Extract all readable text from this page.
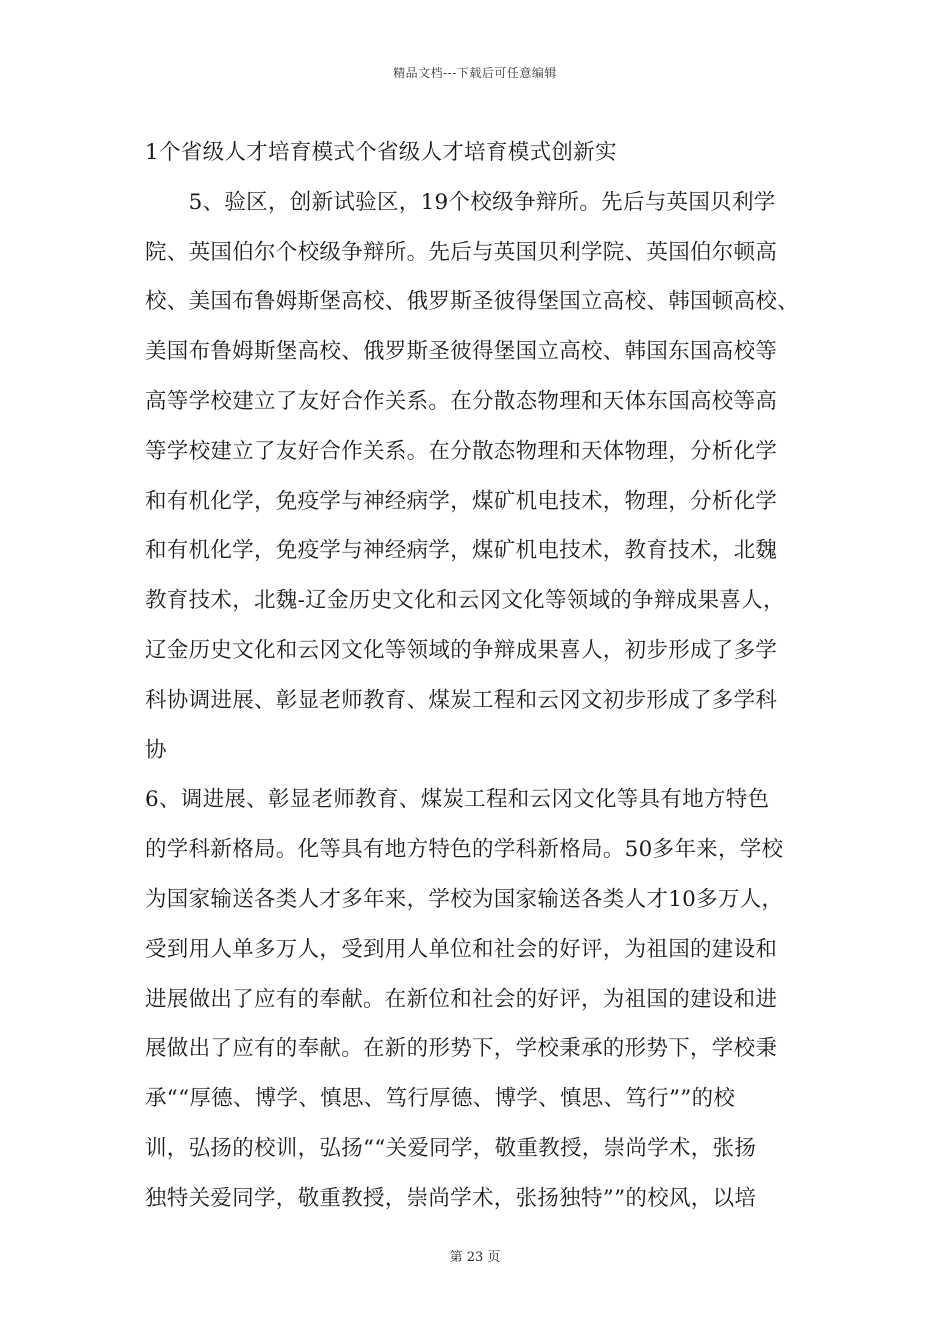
精品文档---下载后可任意编辑
1个省级人才培育模式个省级人才培育模式创新实
　　5、验区，创新试验区，19个校级争辩所。先后与英国贝利学
院、英国伯尔个校级争辩所。先后与英国贝利学院、英国伯尔顿高
校、美国布鲁姆斯堡高校、俄罗斯圣彼得堡国立高校、韩国顿高校、
美国布鲁姆斯堡高校、俄罗斯圣彼得堡国立高校、韩国东国高校等
高等学校建立了友好合作关系。在分散态物理和天体东国高校等高
等学校建立了友好合作关系。在分散态物理和天体物理，分析化学
和有机化学，免疫学与神经病学，煤矿机电技术，物理，分析化学
和有机化学，免疫学与神经病学，煤矿机电技术，教育技术，北魏
教育技术，北魏-辽金历史文化和云冈文化等领域的争辩成果喜人，
辽金历史文化和云冈文化等领域的争辩成果喜人，初步形成了多学
科协调进展、彰显老师教育、煤炭工程和云冈文初步形成了多学科
协
6、调进展、彰显老师教育、煤炭工程和云冈文化等具有地方特色
的学科新格局。化等具有地方特色的学科新格局。50多年来，学校
为国家输送各类人才多年来，学校为国家输送各类人才10多万人，
受到用人单多万人，受到用人单位和社会的好评，为祖国的建设和
进展做出了应有的奉献。在新位和社会的好评，为祖国的建设和进
展做出了应有的奉献。在新的形势下，学校秉承的形势下，学校秉
承““厚德、博学、慎思、笃行厚德、博学、慎思、笃行””的校
训，弘扬的校训，弘扬““关爱同学，敬重教授，崇尚学术，张扬
独特关爱同学，敬重教授，崇尚学术，张扬独特””的校风，以培
第 23 页
